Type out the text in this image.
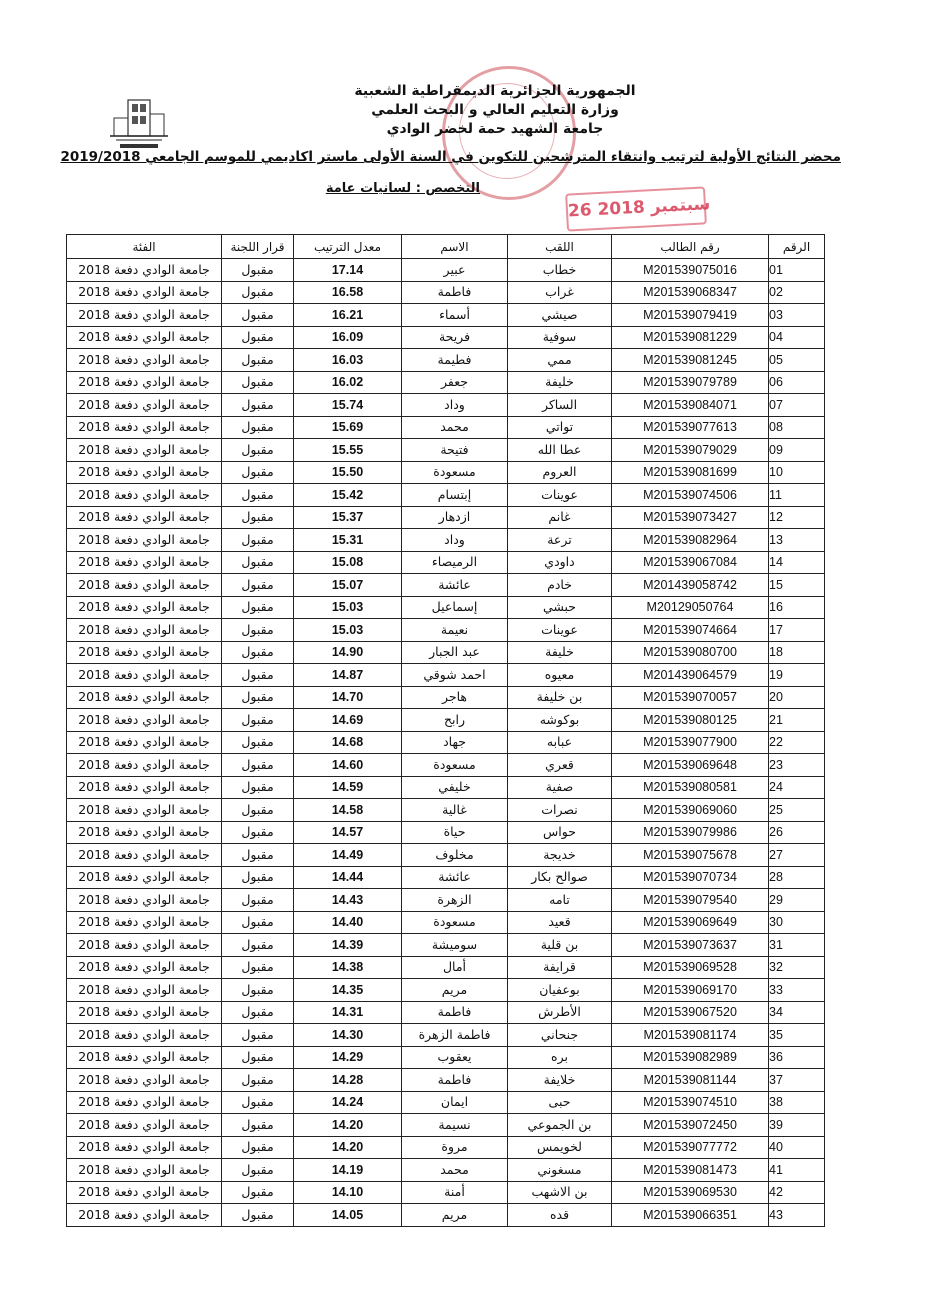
الجمهورية الجزائرية الديمقراطية الشعبية
وزارة التعليم العالي و البحث العلمي
جامعة الشهيد حمة لخضر الوادي
محضر النتائج الأولية لترتيب وانتقاء المترشحين للتكوين في السنة الأولى ماستر اكاديمي للموسم الجامعي 2019/2018
التخصص : لسانيات عامة
26 سبتمبر 2018
الرقم	رقم الطالب	اللقب	الاسم	معدل الترتيب	قرار اللجنة	الفئة
01	M201539075016	خطاب	عبير	17.14	مقبول	جامعة الوادي دفعة 2018
02	M201539068347	غراب	فاطمة	16.58	مقبول	جامعة الوادي دفعة 2018
03	M201539079419	صيشي	أسماء	16.21	مقبول	جامعة الوادي دفعة 2018
04	M201539081229	سوفية	فريحة	16.09	مقبول	جامعة الوادي دفعة 2018
05	M201539081245	ممي	فطيمة	16.03	مقبول	جامعة الوادي دفعة 2018
06	M201539079789	خليفة	جعفر	16.02	مقبول	جامعة الوادي دفعة 2018
07	M201539084071	الساكر	وداد	15.74	مقبول	جامعة الوادي دفعة 2018
08	M201539077613	تواتي	محمد	15.69	مقبول	جامعة الوادي دفعة 2018
09	M201539079029	عطا الله	فتيحة	15.55	مقبول	جامعة الوادي دفعة 2018
10	M201539081699	العروم	مسعودة	15.50	مقبول	جامعة الوادي دفعة 2018
11	M201539074506	عوينات	إبتسام	15.42	مقبول	جامعة الوادي دفعة 2018
12	M201539073427	غانم	ازدهار	15.37	مقبول	جامعة الوادي دفعة 2018
13	M201539082964	ترعة	وداد	15.31	مقبول	جامعة الوادي دفعة 2018
14	M201539067084	داودي	الرميصاء	15.08	مقبول	جامعة الوادي دفعة 2018
15	M201439058742	خادم	عائشة	15.07	مقبول	جامعة الوادي دفعة 2018
16	M20129050764	حبشي	إسماعيل	15.03	مقبول	جامعة الوادي دفعة 2018
17	M201539074664	عوينات	نعيمة	15.03	مقبول	جامعة الوادي دفعة 2018
18	M201539080700	خليفة	عبد الجبار	14.90	مقبول	جامعة الوادي دفعة 2018
19	M201439064579	معيوه	احمد شوقي	14.87	مقبول	جامعة الوادي دفعة 2018
20	M201539070057	بن خليفة	هاجر	14.70	مقبول	جامعة الوادي دفعة 2018
21	M201539080125	بوكوشه	رابح	14.69	مقبول	جامعة الوادي دفعة 2018
22	M201539077900	عبابه	جهاد	14.68	مقبول	جامعة الوادي دفعة 2018
23	M201539069648	قعري	مسعودة	14.60	مقبول	جامعة الوادي دفعة 2018
24	M201539080581	صفية	خليفي	14.59	مقبول	جامعة الوادي دفعة 2018
25	M201539069060	نصرات	غالية	14.58	مقبول	جامعة الوادي دفعة 2018
26	M201539079986	حواس	حياة	14.57	مقبول	جامعة الوادي دفعة 2018
27	M201539075678	خديجة	مخلوف	14.49	مقبول	جامعة الوادي دفعة 2018
28	M201539070734	صوالح بكار	عائشة	14.44	مقبول	جامعة الوادي دفعة 2018
29	M201539079540	تامه	الزهرة	14.43	مقبول	جامعة الوادي دفعة 2018
30	M201539069649	قعيد	مسعودة	14.40	مقبول	جامعة الوادي دفعة 2018
31	M201539073637	بن قلية	سوميشة	14.39	مقبول	جامعة الوادي دفعة 2018
32	M201539069528	قرايفة	أمال	14.38	مقبول	جامعة الوادي دفعة 2018
33	M201539069170	بوعفيان	مريم	14.35	مقبول	جامعة الوادي دفعة 2018
34	M201539067520	الأطرش	فاطمة	14.31	مقبول	جامعة الوادي دفعة 2018
35	M201539081174	جنحاني	فاطمة الزهرة	14.30	مقبول	جامعة الوادي دفعة 2018
36	M201539082989	بره	يعقوب	14.29	مقبول	جامعة الوادي دفعة 2018
37	M201539081144	خلايفة	فاطمة	14.28	مقبول	جامعة الوادي دفعة 2018
38	M201539074510	حبى	ايمان	14.24	مقبول	جامعة الوادي دفعة 2018
39	M201539072450	بن الجموعي	نسيمة	14.20	مقبول	جامعة الوادي دفعة 2018
40	M201539077772	لخويمس	مروة	14.20	مقبول	جامعة الوادي دفعة 2018
41	M201539081473	مسغوني	محمد	14.19	مقبول	جامعة الوادي دفعة 2018
42	M201539069530	بن الاشهب	أمنة	14.10	مقبول	جامعة الوادي دفعة 2018
43	M201539066351	قده	مريم	14.05	مقبول	جامعة الوادي دفعة 2018
